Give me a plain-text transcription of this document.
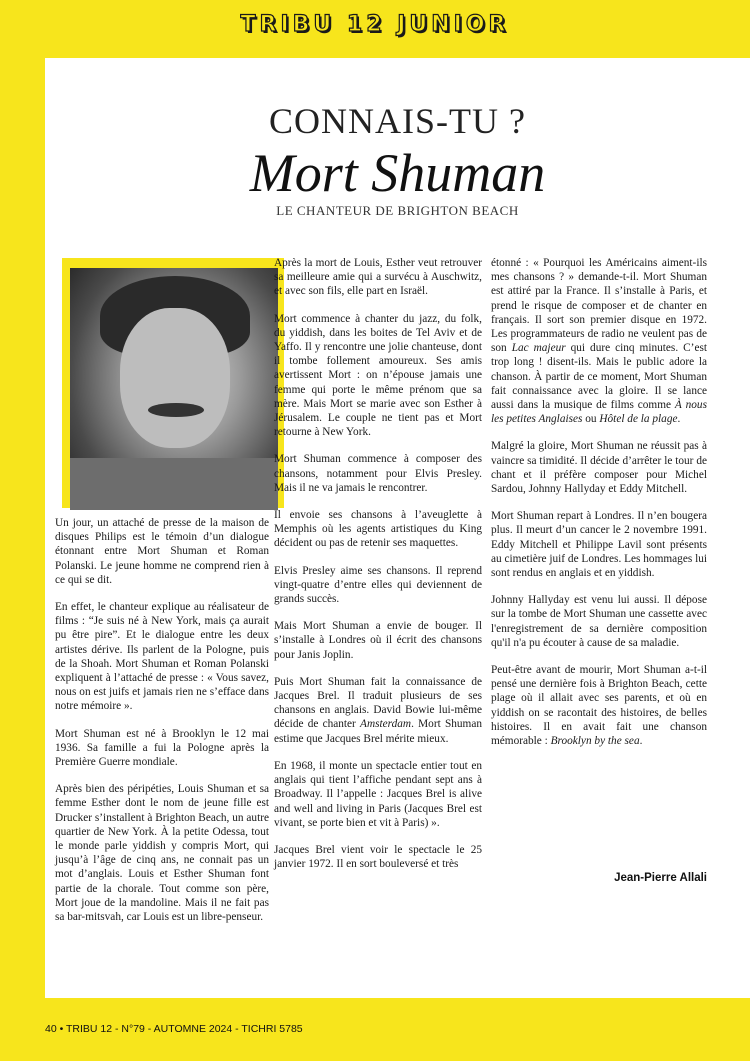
TRIBU 12 JUNIOR
CONNAIS-TU ?
Mort Shuman
LE CHANTEUR DE BRIGHTON BEACH

Un jour, un attaché de presse de la maison de disques Philips est le témoin d’un dialogue étonnant entre Mort Shuman et Roman Polanski. Le jeune homme ne comprend rien à ce qui se dit.

En effet, le chanteur explique au réalisateur de films : “Je suis né à New York, mais ça aurait pu être pire”. Et le dialogue entre les deux artistes dérive. Ils parlent de la Pologne, puis de la Shoah. Mort Shuman et Roman Polanski expliquent à l’attaché de presse : « Vous savez, nous on est juifs et jamais rien ne s’efface dans notre mémoire ».

Mort Shuman est né à Brooklyn le 12 mai 1936. Sa famille a fui la Pologne après la Première Guerre mondiale.

Après bien des péripéties, Louis Shuman et sa femme Esther dont le nom de jeune fille est Drucker s’installent à Brighton Beach, un autre quartier de New York. À la petite Odessa, tout le monde parle yiddish y compris Mort, qui jusqu’à l’âge de cinq ans, ne connait pas un mot d’anglais. Louis et Esther Shuman font partie de la chorale. Tout comme son père, Mort joue de la mandoline. Mais il ne fait pas sa bar-mitsvah, car Louis est un libre-penseur.

Après la mort de Louis, Esther veut retrouver sa meilleure amie qui a survécu à Auschwitz, et avec son fils, elle part en Israël.

Mort commence à chanter du jazz, du folk, du yiddish, dans les boites de Tel Aviv et de Yaffo. Il y rencontre une jolie chanteuse, dont il tombe follement amoureux. Ses amis avertissent Mort : on n’épouse jamais une femme qui porte le même prénom que sa mère. Mais Mort se marie avec son Esther à Jérusalem. Le couple ne tient pas et Mort retourne à New York.

Mort Shuman commence à composer des chansons, notamment pour Elvis Presley. Mais il ne va jamais le rencontrer.

Il envoie ses chansons à l’aveuglette à Memphis où les agents artistiques du King décident ou pas de retenir ses maquettes.

Elvis Presley aime ses chansons. Il reprend vingt-quatre d’entre elles qui deviennent de grands succès.

Mais Mort Shuman a envie de bouger. Il s’installe à Londres où il écrit des chansons pour Janis Joplin.

Puis Mort Shuman fait la connaissance de Jacques Brel. Il traduit plusieurs de ses chansons en anglais. David Bowie lui-même décide de chanter Amsterdam. Mort Shuman estime que Jacques Brel mérite mieux.

En 1968, il monte un spectacle entier tout en anglais qui tient l’affiche pendant sept ans à Broadway. Il l’appelle : Jacques Brel is alive and well and living in Paris (Jacques Brel est vivant, se porte bien et vit à Paris) ».

Jacques Brel vient voir le spectacle le 25 janvier 1972. Il en sort bouleversé et très

étonné : « Pourquoi les Américains aiment-ils mes chansons ? » demande-t-il. Mort Shuman est attiré par la France. Il s’installe à Paris, et prend le risque de composer et de chanter en français. Il sort son premier disque en 1972. Les programmateurs de radio ne veulent pas de son Lac majeur qui dure cinq minutes. C’est trop long ! disent-ils. Mais le public adore la chanson. À partir de ce moment, Mort Shuman fait connaissance avec la gloire. Il se lance aussi dans la musique de films comme À nous les petites Anglaises ou Hôtel de la plage.

Malgré la gloire, Mort Shuman ne réussit pas à vaincre sa timidité. Il décide d’arrêter le tour de chant et il préfère composer pour Michel Sardou, Johnny Hallyday et Eddy Mitchell.

Mort Shuman repart à Londres. Il n’en bougera plus. Il meurt d’un cancer le 2 novembre 1991. Eddy Mitchell et Philippe Lavil sont présents au cimetière juif de Londres. Les hommages lui sont rendus en anglais et en yiddish.

Johnny Hallyday est venu lui aussi. Il dépose sur la tombe de Mort Shuman une cassette avec l'enregistrement de sa dernière composition qu'il n'a pu écouter à cause de sa maladie.

Peut-être avant de mourir, Mort Shuman a-t-il pensé une dernière fois à Brighton Beach, cette plage où il allait avec ses parents, et où en yiddish on se racontait des histoires, de belles histoires. Il en avait fait une chanson mémorable : Brooklyn by the sea.

Jean-Pierre Allali
40 • TRIBU 12 - N°79 - AUTOMNE 2024 - TICHRI 5785
